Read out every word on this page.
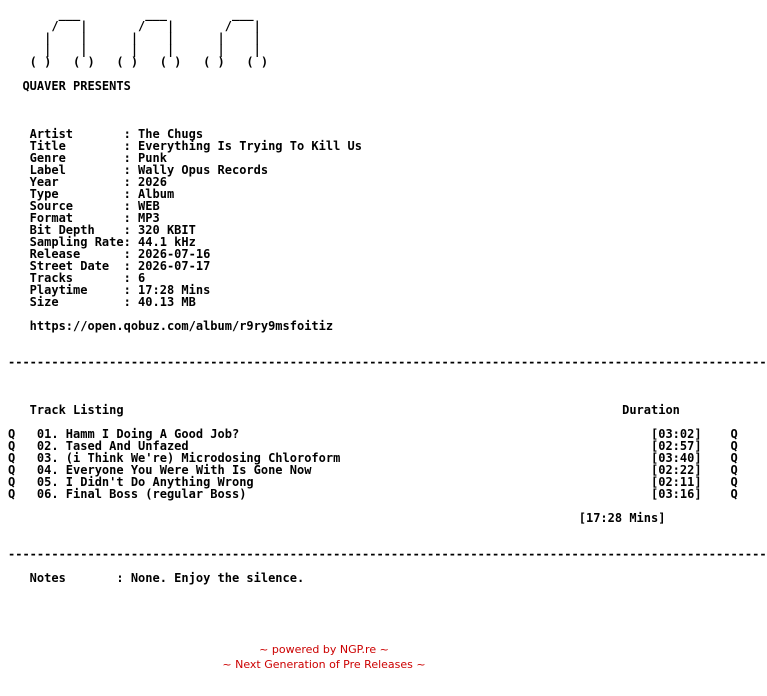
___         ___         ___
/   |       /   |       /   |
|    |      |    |      |    |
|    |      |    |      |    |
( )   ( )   ( )   ( )   ( )   ( )

QUAVER PRESENTS

Artist       : The Chugs
Title        : Everything Is Trying To Kill Us
Genre        : Punk
Label        : Wally Opus Records
Year         : 2026
Type         : Album
Source       : WEB
Format       : MP3
Bit Depth    : 320 KBIT
Sampling Rate: 44.1 kHz
Release      : 2026-07-16
Street Date  : 2026-07-17
Tracks       : 6
Playtime     : 17:28 Mins
Size         : 40.13 MB

https://open.qobuz.com/album/r9ry9msfoitiz

---------------------------------------------------------------------------------------------------------

Track Listing                                                                     Duration

Q   01. Hamm I Doing A Good Job?                                                         [03:02]    Q
Q   02. Tased And Unfazed                                                                [02:57]    Q
Q   03. (i Think We're) Microdosing Chloroform                                           [03:40]    Q
Q   04. Everyone You Were With Is Gone Now                                               [02:22]    Q
Q   05. I Didn't Do Anything Wrong                                                       [02:11]    Q
Q   06. Final Boss (regular Boss)                                                        [03:16]    Q

[17:28 Mins]

---------------------------------------------------------------------------------------------------------

Notes       : None. Enjoy the silence.

~ powered by NGP.re ~
~ Next Generation of Pre Releases ~
